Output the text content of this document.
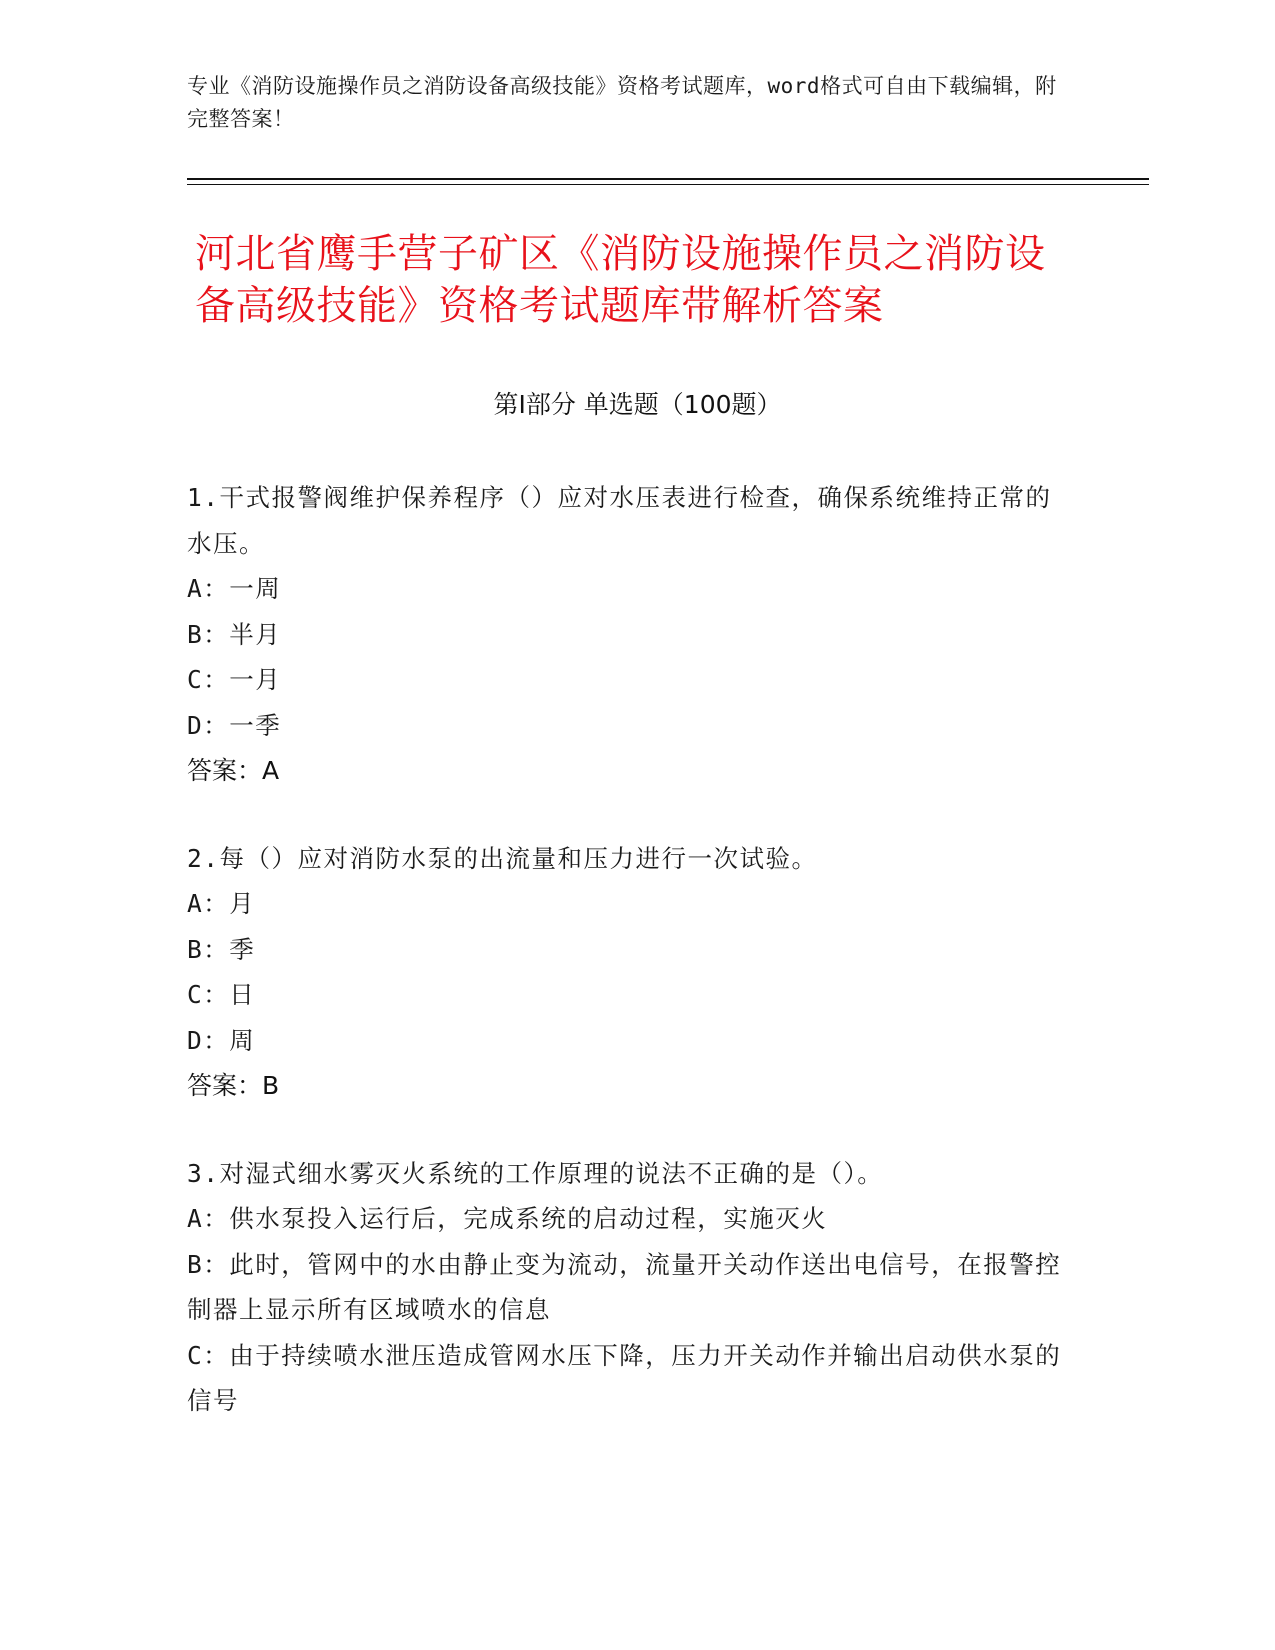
专业《消防设施操作员之消防设备高级技能》资格考试题库，word格式可自由下载编辑，附完整答案！
河北省鹰手营子矿区《消防设施操作员之消防设备高级技能》资格考试题库带解析答案
第Ⅰ部分 单选题（100题）

1.干式报警阀维护保养程序（）应对水压表进行检查，确保系统维持正常的水压。

A：一周

B：半月

C：一月

D：一季

答案：A

2.每（）应对消防水泵的出流量和压力进行一次试验。

A：月

B：季

C：日

D：周

答案：B

3.对湿式细水雾灭火系统的工作原理的说法不正确的是（）。

A：供水泵投入运行后，完成系统的启动过程，实施灭火

B：此时，管网中的水由静止变为流动，流量开关动作送出电信号，在报警控制器上显示所有区域喷水的信息

C：由于持续喷水泄压造成管网水压下降，压力开关动作并输出启动供水泵的信号
